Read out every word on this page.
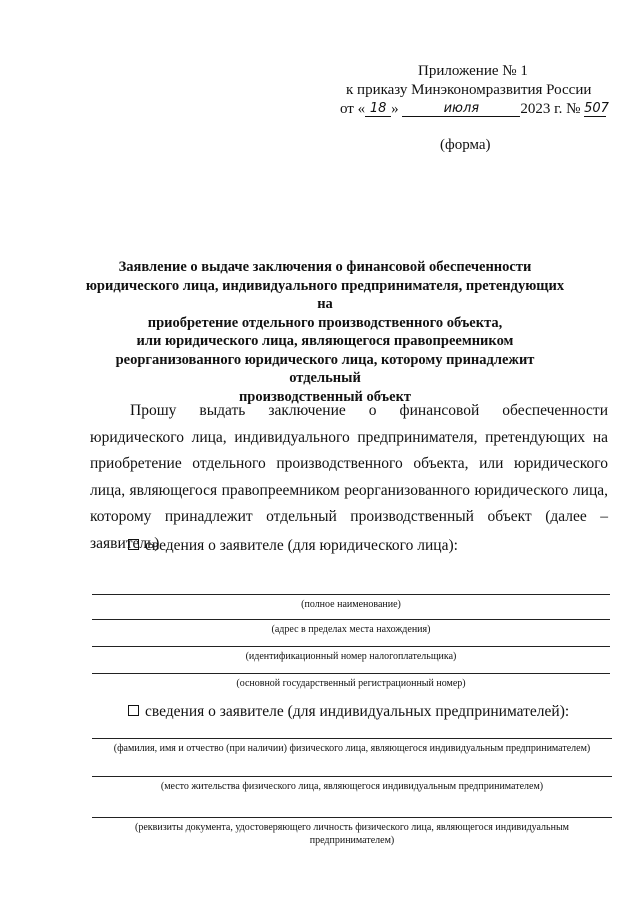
Приложение № 1
к приказу Минэкономразвития России
от « 18 »	июля	2023 г. № 507
(форма)
Заявление о выдаче заключения о финансовой обеспеченности
юридического лица, индивидуального предпринимателя, претендующих на
приобретение отдельного производственного объекта,
или юридического лица, являющегося правопреемником
реорганизованного юридического лица, которому принадлежит отдельный
производственный объект
Прошу выдать заключение о финансовой обеспеченности юридического лица, индивидуального предпринимателя, претендующих на приобретение отдельного производственного объекта, или юридического лица, являющегося правопреемником реорганизованного юридического лица, которому принадлежит отдельный производственный объект (далее – заявитель)
сведения о заявителе (для юридического лица):
(полное наименование)
(адрес в пределах места нахождения)
(идентификационный номер налогоплательщика)
(основной государственный регистрационный номер)
сведения о заявителе (для индивидуальных предпринимателей):
(фамилия, имя и отчество (при наличии) физического лица, являющегося индивидуальным предпринимателем)
(место жительства физического лица, являющегося индивидуальным предпринимателем)
(реквизиты документа, удостоверяющего личность физического лица, являющегося индивидуальным предпринимателем)
